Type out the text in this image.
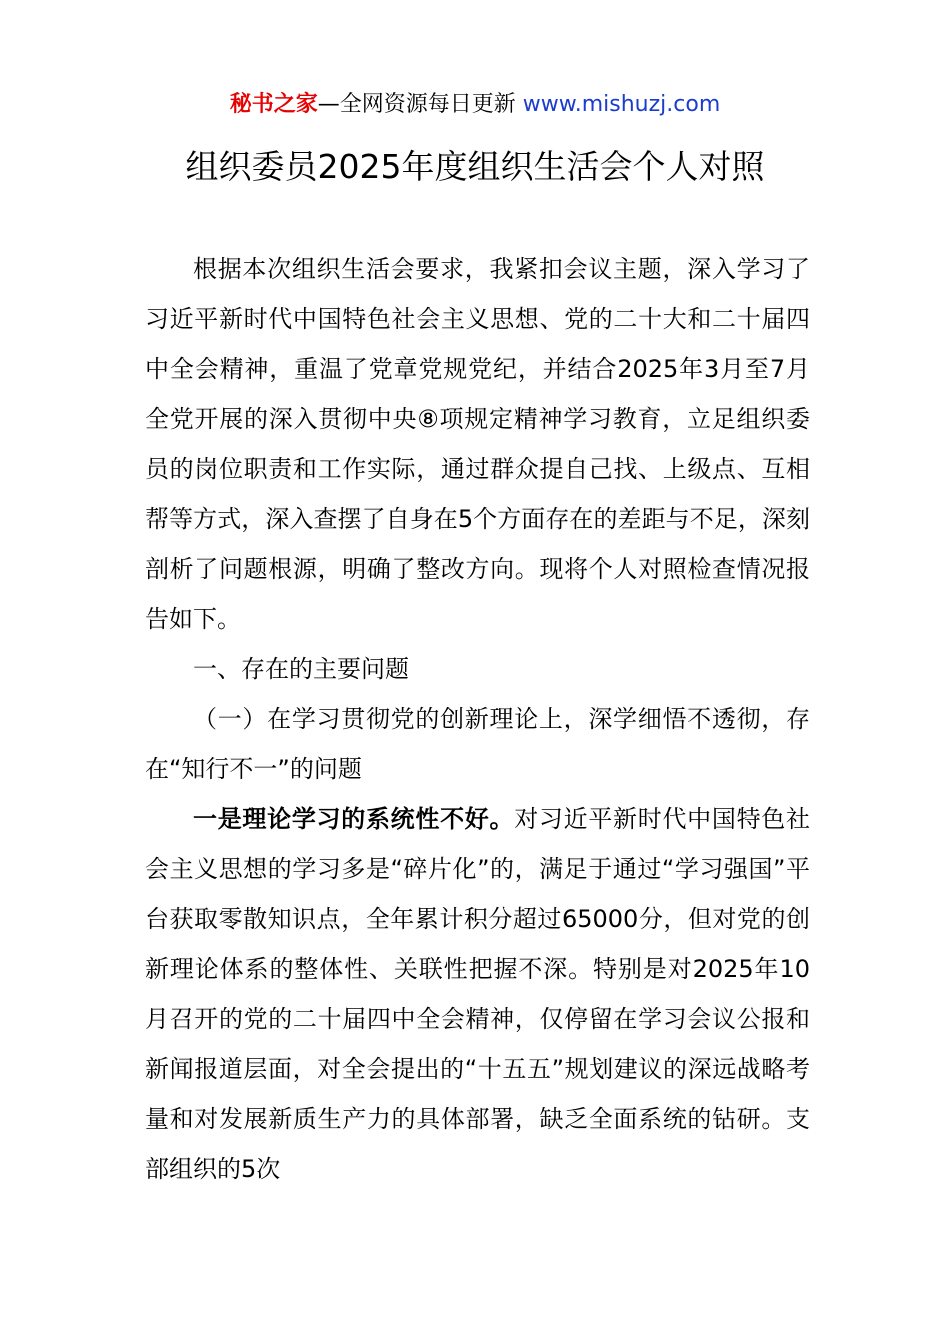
秘书之家—全网资源每日更新 www.mishuzj.com
组织委员2025年度组织生活会个人对照

根据本次组织生活会要求，我紧扣会议主题，深入学习了习近平新时代中国特色社会主义思想、党的二十大和二十届四中全会精神，重温了党章党规党纪，并结合2025年3月至7月全党开展的深入贯彻中央⑧项规定精神学习教育，立足组织委员的岗位职责和工作实际，通过群众提自己找、上级点、互相帮等方式，深入查摆了自身在5个方面存在的差距与不足，深刻剖析了问题根源，明确了整改方向。现将个人对照检查情况报告如下。

一、存在的主要问题

（一）在学习贯彻党的创新理论上，深学细悟不透彻，存在“知行不一”的问题

一是理论学习的系统性不好。对习近平新时代中国特色社会主义思想的学习多是“碎片化”的，满足于通过“学习强国”平台获取零散知识点，全年累计积分超过65000分，但对党的创新理论体系的整体性、关联性把握不深。特别是对2025年10月召开的党的二十届四中全会精神，仅停留在学习会议公报和新闻报道层面，对全会提出的“十五五”规划建议的深远战略考量和对发展新质生产力的具体部署，缺乏全面系统的钻研。支部组织的5次
